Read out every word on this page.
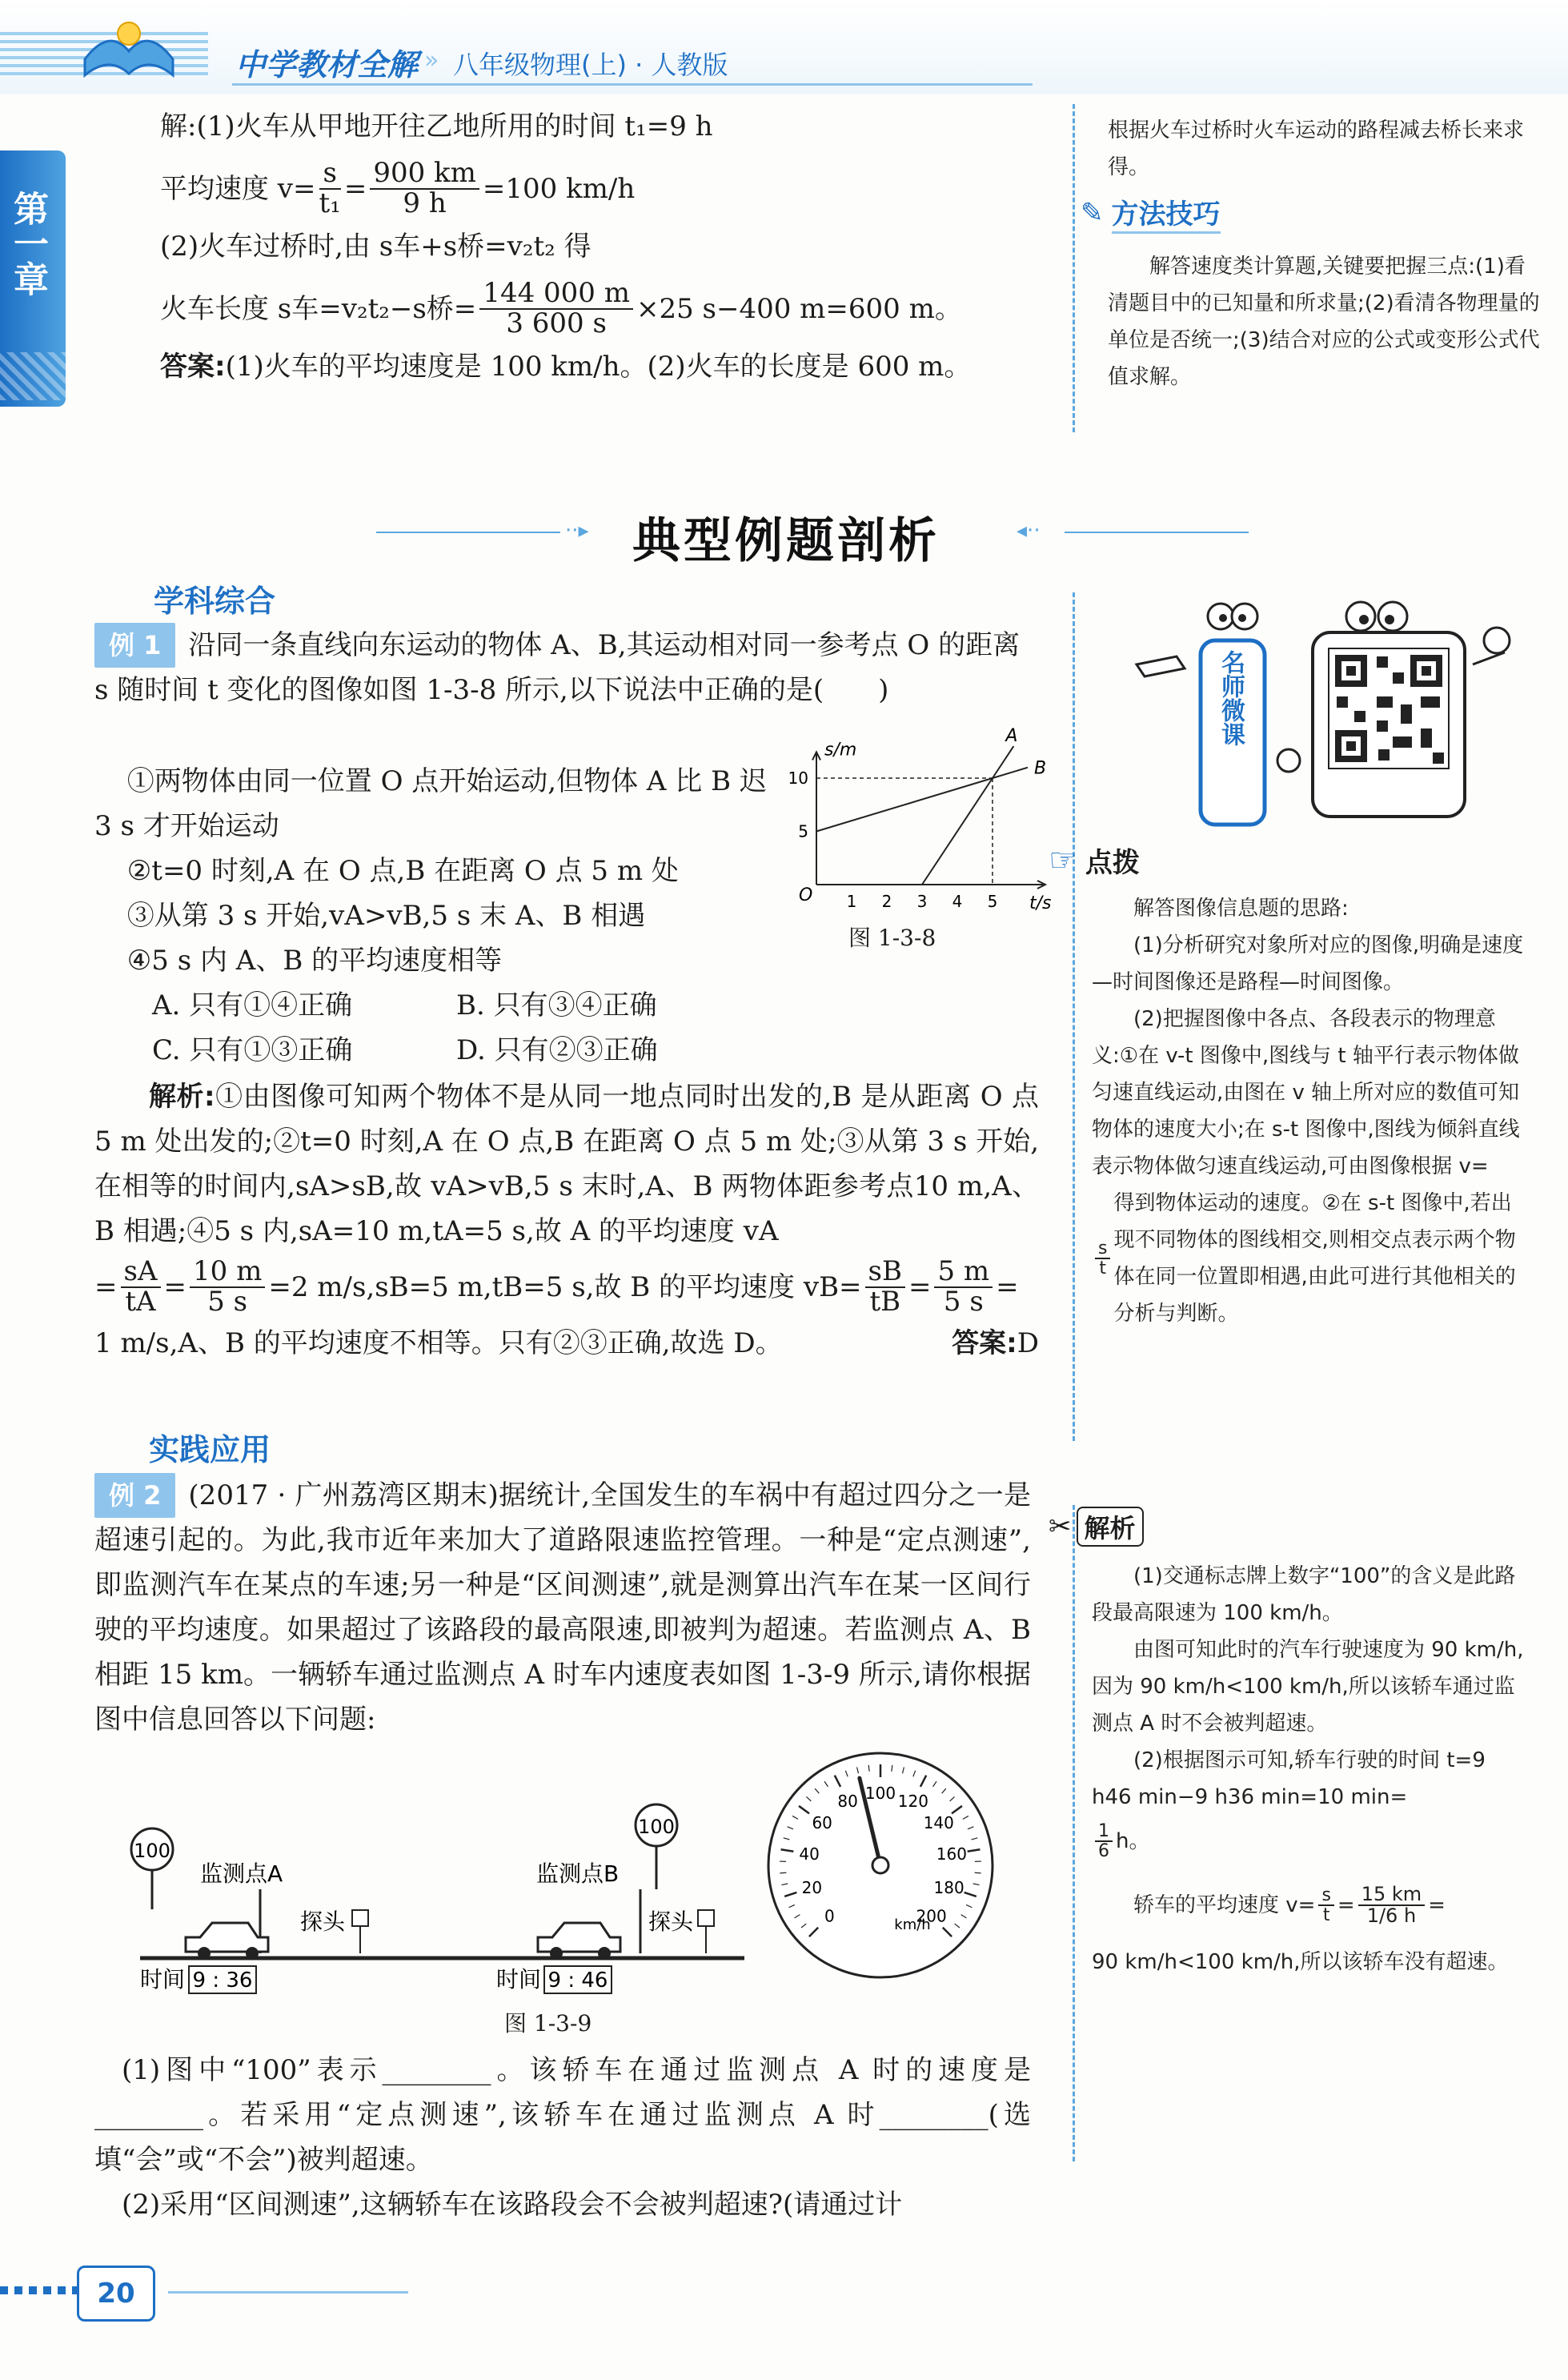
中学教材全解 » 八年级物理(上) · 人教版
第一章
解:(1)火车从甲地开往乙地所用的时间 t₁=9 h
平均速度 $v= \frac{s}{\text{t₁}} = \frac{900 km}{9 h} =100$ km/h
(2)火车过桥时,由 s车+s桥=v₂t₂ 得
火车长度 s车=v₂t₂−s桥= $\frac{144 000 m}{3 600 s} \times 25$ s−400 m=600 m。
答案:(1)火车的平均速度是 100 km/h。(2)火车的长度是 600 m。
根据火车过桥时火车运动的路程减去桥长来求得。
✎ 方法技巧
解答速度类计算题,关键要把握三点:(1)看清题目中的已知量和所求量;(2)看清各物理量的单位是否统一;(3)结合对应的公式或变形公式代值求解。
··▸ 典型例题剖析	◂··
学科综合
例 1 沿同一条直线向东运动的物体 A、B,其运动相对同一参考点 O 的距离 s 随时间 t 变化的图像如图 1-3-8 所示,以下说法中正确的是(　　)
①两物体由同一位置 O 点开始运动,但物体 A 比 B 迟 3 s 才开始运动
②t=0 时刻,A 在 O 点,B 在距离 O 点 5 m 处
③从第 3 s 开始,vA>vB,5 s 末 A、B 相遇
④5 s 内 A、B 的平均速度相等
A. 只有①④正确	B. 只有③④正确
C. 只有①③正确	D. 只有②③正确
s/m
t/s
O 1 2 3 4 5
5
10
A
B
图 1-3-8
解析:①由图像可知两个物体不是从同一地点同时出发的,B 是从距离 O 点 5 m 处出发的;②t=0 时刻,A 在 O 点,B 在距离 O 点 5 m 处;③从第 3 s 开始,在相等的时间内,sA>sB,故 vA>vB,5 s 末时,A、B 两物体距参考点10 m,A、B 相遇;④5 s 内,sA=10 m,tA=5 s,故 A 的平均速度 vA
= $\frac{sA}{tA} = \frac{10 m}{5 s} =2$ m/s,sB=5 m,tB=5 s,故 B 的平均速度 $vB= \frac{sB}{tB} = \frac{5 m}{5 s}$ =
1 m/s,A、B 的平均速度不相等。只有②③正确,故选 D。	答案:D
名师微课
☞ 点拨
解答图像信息题的思路:
(1)分析研究对象所对应的图像,明确是速度—时间图像还是路程—时间图像。
(2)把握图像中各点、各段表示的物理意义:①在 v-t 图像中,图线与 t 轴平行表示物体做匀速直线运动,由图在 v 轴上所对应的数值可知物体的速度大小;在 s-t 图像中,图线为倾斜直线表示物体做匀速直线运动,可由图像根据 v=
$\frac{s}{t}$
得到物体运动的速度。②在 s-t 图像中,若出现不同物体的图线相交,则相交点表示两个物体在同一位置即相遇,由此可进行其他相关的分析与判断。
实践应用
例 2 (2017 · 广州荔湾区期末)据统计,全国发生的车祸中有超过四分之一是超速引起的。为此,我市近年来加大了道路限速监控管理。一种是“定点测速”,即监测汽车在某点的车速;另一种是“区间测速”,就是测算出汽车在某一区间行驶的平均速度。如果超过了该路段的最高限速,即被判为超速。若监测点 A、B 相距 15 km。一辆轿车通过监测点 A 时车内速度表如图 1-3-9 所示,请你根据图中信息回答以下问题:
100
监测点A
探头
时间 9 : 36
100
监测点B
探头
时间 9 : 46
0
20
40
60
80 100 120
140
160
180
200
km/h
图 1-3-9
(1)图中“100”表示________。该轿车在通过监测点 A 时的速度是________。若采用“定点测速”,该轿车在通过监测点 A 时________(选填“会”或“不会”)被判超速。
(2)采用“区间测速”,这辆轿车在该路段会不会被判超速?(请通过计
✂ 解析
(1)交通标志牌上数字“100”的含义是此路段最高限速为 100 km/h。
由图可知此时的汽车行驶速度为 90 km/h,因为 90 km/h<100 km/h,所以该轿车通过监测点 A 时不会被判超速。
(2)根据图示可知,轿车行驶的时间 t=9 h46 min−9 h36 min=10 min=
$\frac{1}{6}$ h。
轿车的平均速度 $v= \frac{s}{t} = \frac{15 km}{1/6 h}$ =
90 km/h<100 km/h,所以该轿车没有超速。
20
